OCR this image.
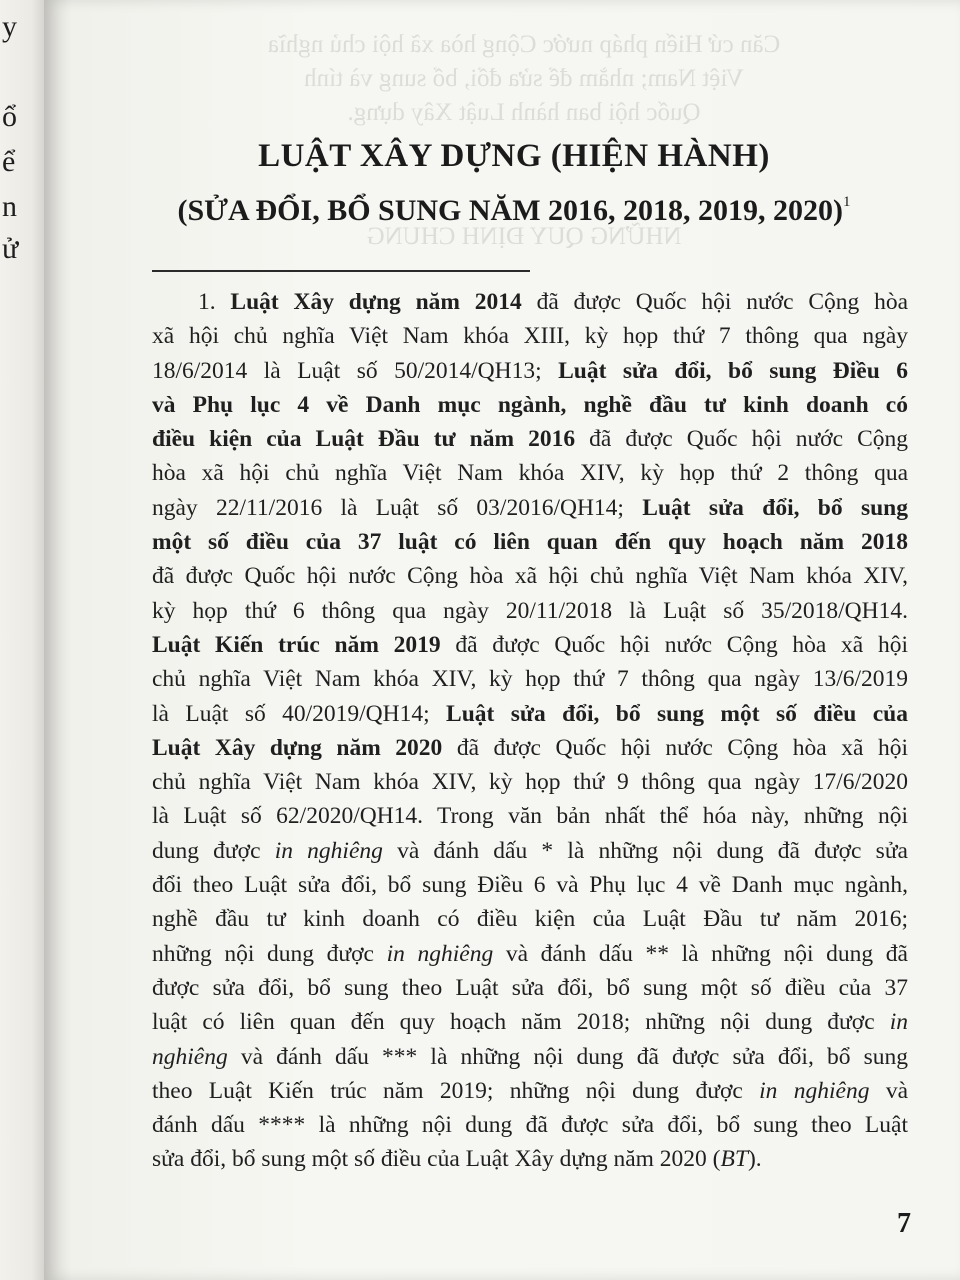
y
ổ
ể
n
ử
Căn cứ Hiến pháp nước Cộng hòa xã hội chủ nghĩa
Việt Nam; nhằm để sửa đổi, bổ sung và tính
Quốc hội ban hành Luật Xây dựng.
NHỮNG QUY ĐỊNH CHUNG
LUẬT XÂY DỰNG (HIỆN HÀNH)
(SỬA ĐỔI, BỔ SUNG NĂM 2016, 2018, 2019, 2020)$^1$
1. Luật Xây dựng năm 2014 đã được Quốc hội nước Cộng hòa
xã hội chủ nghĩa Việt Nam khóa XIII, kỳ họp thứ 7 thông qua ngày
18/6/2014 là Luật số 50/2014/QH13; Luật sửa đổi, bổ sung Điều 6
và Phụ lục 4 về Danh mục ngành, nghề đầu tư kinh doanh có
điều kiện của Luật Đầu tư năm 2016 đã được Quốc hội nước Cộng
hòa xã hội chủ nghĩa Việt Nam khóa XIV, kỳ họp thứ 2 thông qua
ngày 22/11/2016 là Luật số 03/2016/QH14; Luật sửa đổi, bổ sung
một số điều của 37 luật có liên quan đến quy hoạch năm 2018
đã được Quốc hội nước Cộng hòa xã hội chủ nghĩa Việt Nam khóa XIV,
kỳ họp thứ 6 thông qua ngày 20/11/2018 là Luật số 35/2018/QH14.
Luật Kiến trúc năm 2019 đã được Quốc hội nước Cộng hòa xã hội
chủ nghĩa Việt Nam khóa XIV, kỳ họp thứ 7 thông qua ngày 13/6/2019
là Luật số 40/2019/QH14; Luật sửa đổi, bổ sung một số điều của
Luật Xây dựng năm 2020 đã được Quốc hội nước Cộng hòa xã hội
chủ nghĩa Việt Nam khóa XIV, kỳ họp thứ 9 thông qua ngày 17/6/2020
là Luật số 62/2020/QH14. Trong văn bản nhất thể hóa này, những nội
dung được in nghiêng và đánh dấu * là những nội dung đã được sửa
đổi theo Luật sửa đổi, bổ sung Điều 6 và Phụ lục 4 về Danh mục ngành,
nghề đầu tư kinh doanh có điều kiện của Luật Đầu tư năm 2016;
những nội dung được in nghiêng và đánh dấu ** là những nội dung đã
được sửa đổi, bổ sung theo Luật sửa đổi, bổ sung một số điều của 37
luật có liên quan đến quy hoạch năm 2018; những nội dung được in
nghiêng và đánh dấu *** là những nội dung đã được sửa đổi, bổ sung
theo Luật Kiến trúc năm 2019; những nội dung được in nghiêng và
đánh dấu **** là những nội dung đã được sửa đổi, bổ sung theo Luật
sửa đổi, bổ sung một số điều của Luật Xây dựng năm 2020 (BT).
7
